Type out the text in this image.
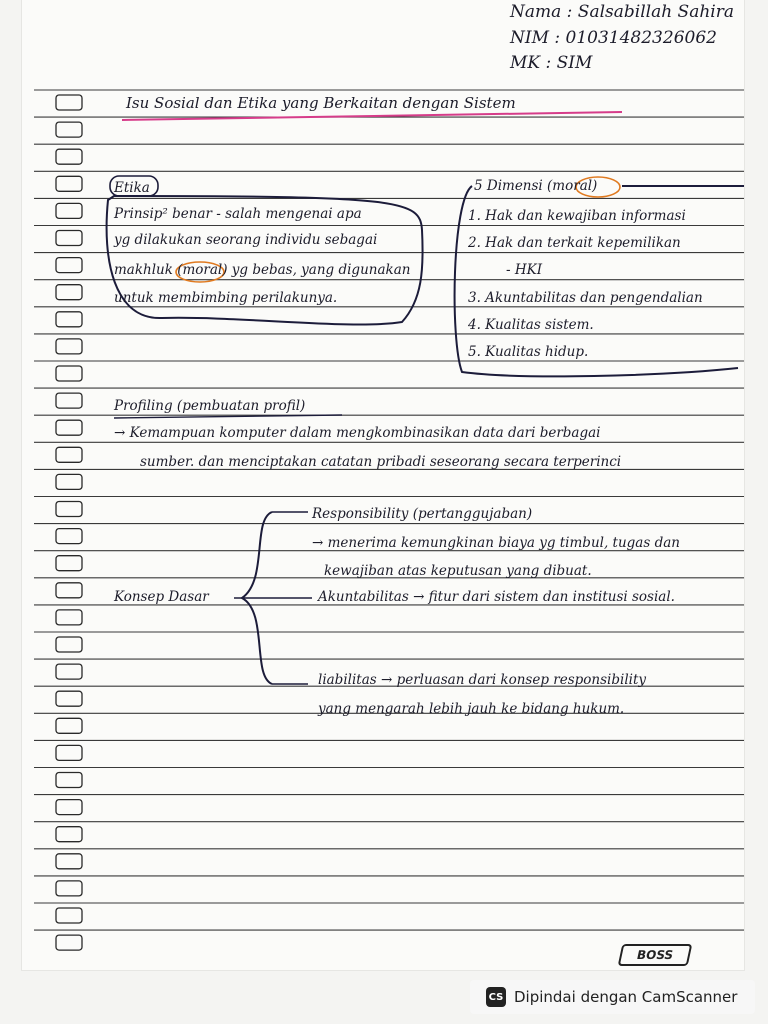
Nama : Salsabillah Sahira
NIM : 01031482326062
MK : SIM
Isu Sosial dan Etika yang Berkaitan dengan Sistem
Etika
Prinsip² benar - salah mengenai apa
yg dilakukan seorang individu sebagai
makhluk (moral) yg bebas, yang digunakan
untuk membimbing perilakunya.
5 Dimensi (moral)
1. Hak dan kewajiban informasi
2. Hak dan terkait kepemilikan
- HKI
3. Akuntabilitas dan pengendalian
4. Kualitas sistem.
5. Kualitas hidup.
Profiling (pembuatan profil)
→ Kemampuan komputer dalam mengkombinasikan data dari berbagai
sumber. dan menciptakan catatan pribadi seseorang secara terperinci
Konsep Dasar
Responsibility (pertanggujaban)
→ menerima kemungkinan biaya yg timbul, tugas dan
kewajiban atas keputusan yang dibuat.
Akuntabilitas → fitur dari sistem dan institusi sosial.
liabilitas → perluasan dari konsep responsibility
yang mengarah lebih jauh ke bidang hukum.
BOSS
CS Dipindai dengan CamScanner
